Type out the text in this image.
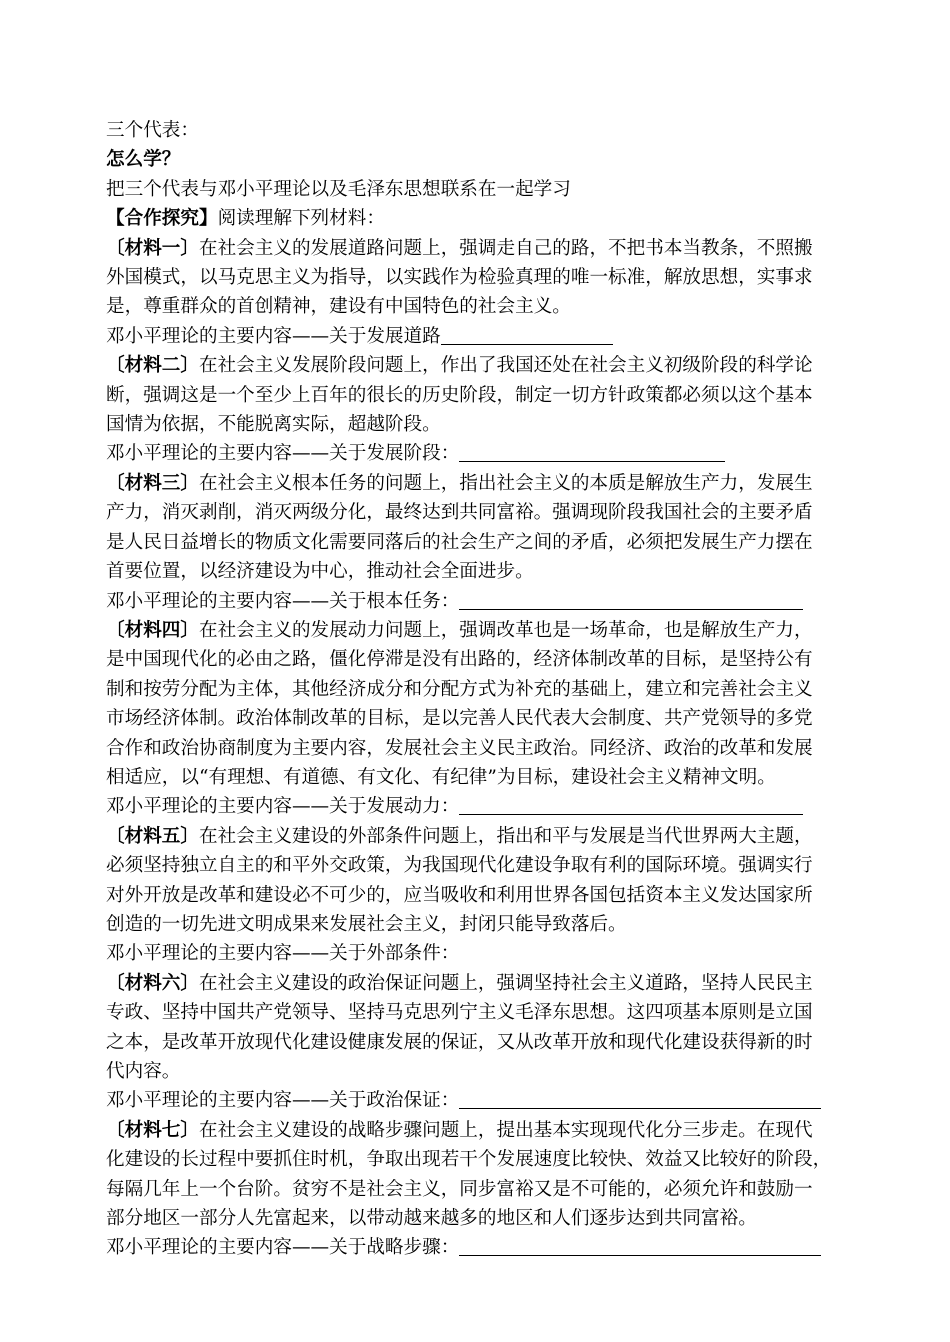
三个代表：
怎么学？
把三个代表与邓小平理论以及毛泽东思想联系在一起学习
【合作探究】阅读理解下列材料：
〔材料一〕在社会主义的发展道路问题上，强调走自己的路，不把书本当教条，不照搬
外国模式，以马克思主义为指导，以实践作为检验真理的唯一标准，解放思想，实事求
是，尊重群众的首创精神，建设有中国特色的社会主义。
邓小平理论的主要内容——关于发展道路
〔材料二〕在社会主义发展阶段问题上，作出了我国还处在社会主义初级阶段的科学论
断，强调这是一个至少上百年的很长的历史阶段，制定一切方针政策都必须以这个基本
国情为依据，不能脱离实际，超越阶段。
邓小平理论的主要内容——关于发展阶段：
〔材料三〕在社会主义根本任务的问题上，指出社会主义的本质是解放生产力，发展生
产力，消灭剥削，消灭两级分化，最终达到共同富裕。强调现阶段我国社会的主要矛盾
是人民日益增长的物质文化需要同落后的社会生产之间的矛盾，必须把发展生产力摆在
首要位置，以经济建设为中心，推动社会全面进步。
邓小平理论的主要内容——关于根本任务：
〔材料四〕在社会主义的发展动力问题上，强调改革也是一场革命，也是解放生产力，
是中国现代化的必由之路，僵化停滞是没有出路的，经济体制改革的目标，是坚持公有
制和按劳分配为主体，其他经济成分和分配方式为补充的基础上，建立和完善社会主义
市场经济体制。政治体制改革的目标，是以完善人民代表大会制度、共产党领导的多党
合作和政治协商制度为主要内容，发展社会主义民主政治。同经济、政治的改革和发展
相适应，以“有理想、有道德、有文化、有纪律”为目标，建设社会主义精神文明。
邓小平理论的主要内容——关于发展动力：
〔材料五〕在社会主义建设的外部条件问题上，指出和平与发展是当代世界两大主题，
必须坚持独立自主的和平外交政策，为我国现代化建设争取有利的国际环境。强调实行
对外开放是改革和建设必不可少的，应当吸收和利用世界各国包括资本主义发达国家所
创造的一切先进文明成果来发展社会主义，封闭只能导致落后。
邓小平理论的主要内容——关于外部条件：
〔材料六〕在社会主义建设的政治保证问题上，强调坚持社会主义道路，坚持人民民主
专政、坚持中国共产党领导、坚持马克思列宁主义毛泽东思想。这四项基本原则是立国
之本，是改革开放现代化建设健康发展的保证，又从改革开放和现代化建设获得新的时
代内容。
邓小平理论的主要内容——关于政治保证：
〔材料七〕在社会主义建设的战略步骤问题上，提出基本实现现代化分三步走。在现代
化建设的长过程中要抓住时机，争取出现若干个发展速度比较快、效益又比较好的阶段，
每隔几年上一个台阶。贫穷不是社会主义，同步富裕又是不可能的，必须允许和鼓励一
部分地区一部分人先富起来，以带动越来越多的地区和人们逐步达到共同富裕。
邓小平理论的主要内容——关于战略步骤：
